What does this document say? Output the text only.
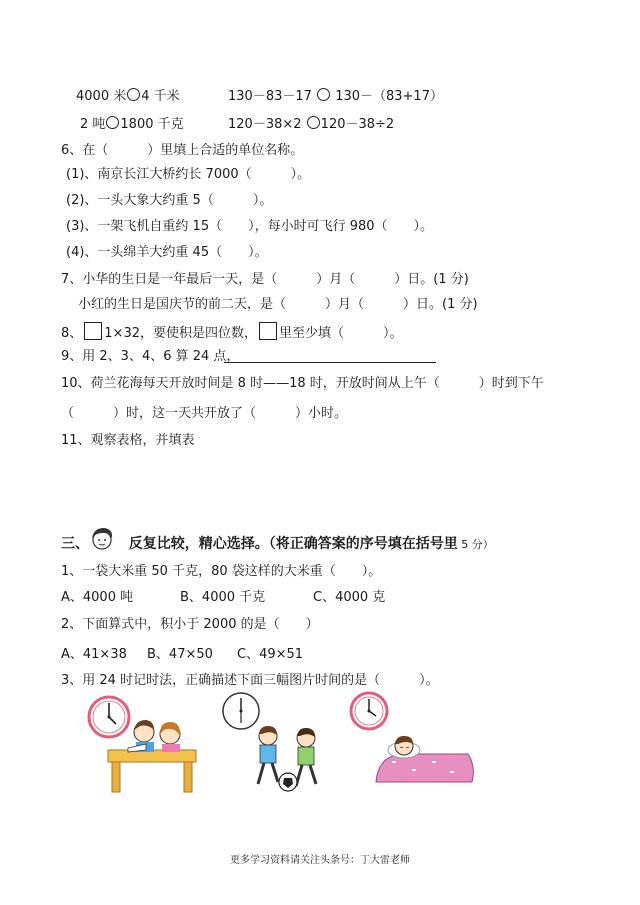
4000 米 4 千米	130－83－17 130－（83+17）
2 吨 1800 千克	120－38×2 120－38÷2
6、在（　　　）里填上合适的单位名称。
(1)、南京长江大桥约长 7000（　　　）。
(2)、一头大象大约重 5（　　　）。
(3)、一架飞机自重约 15（　　），每小时可飞行 980（　　）。
(4)、一头绵羊大约重 45（　　）。
7、小华的生日是一年最后一天，是（　　　）月（　　　）日。(1 分)
小红的生日是国庆节的前二天，是（　　　）月（　　　）日。(1 分)
8、 1×32，要使积是四位数， 里至少填（　　　）。
9、用 2、3、4、6 算 24 点，
10、荷兰花海每天开放时间是 8 时——18 时，开放时间从上午（　　　）时到下午
（　　　）时，这一天共开放了（　　　）小时。
11、观察表格，并填表
三、	反复比较，精心选择。（将正确答案的序号填在括号里 5 分）
1、一袋大米重 50 千克，80 袋这样的大米重（　　）。
A、4000 吨	B、4000 千克	C、4000 克
2、下面算式中，积小于 2000 的是（　　）
A、41×38 B、47×50 C、49×51
3、用 24 时记时法，正确描述下面三幅图片时间的是（　　　）。
更多学习资料请关注头条号：丁大雷老师
